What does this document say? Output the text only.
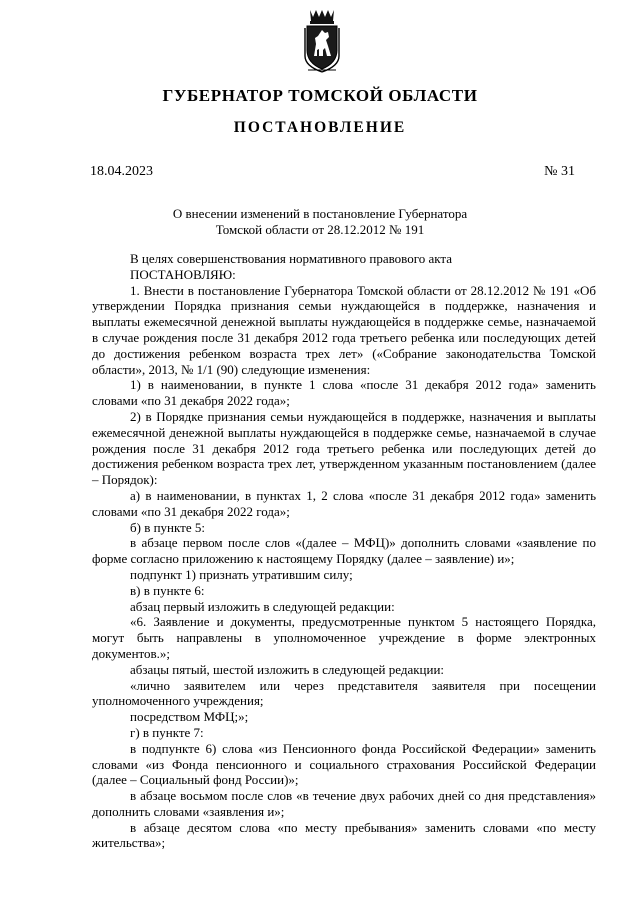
ГУБЕРНАТОР ТОМСКОЙ ОБЛАСТИ
ПОСТАНОВЛЕНИЕ
18.04.2023	№ 31
О внесении изменений в постановление Губернатора
Томской области от 28.12.2012 № 191

В целях совершенствования нормативного правового акта

ПОСТАНОВЛЯЮ:

1. Внести в постановление Губернатора Томской области от 28.12.2012 № 191 «Об утверждении Порядка признания семьи нуждающейся в поддержке, назначения и выплаты ежемесячной денежной выплаты нуждающейся в поддержке семье, назначаемой в случае рождения после 31 декабря 2012 года третьего ребенка или последующих детей до достижения ребенком возраста трех лет» («Собрание законодательства Томской области», 2013, № 1/1 (90) следующие изменения:

1) в наименовании, в пункте 1 слова «после 31 декабря 2012 года» заменить словами «по 31 декабря 2022 года»;

2) в Порядке признания семьи нуждающейся в поддержке, назначения и выплаты ежемесячной денежной выплаты нуждающейся в поддержке семье, назначаемой в случае рождения после 31 декабря 2012 года третьего ребенка или последующих детей до достижения ребенком возраста трех лет, утвержденном указанным постановлением (далее – Порядок):

а) в наименовании, в пунктах 1, 2 слова «после 31 декабря 2012 года» заменить словами «по 31 декабря 2022 года»;

б) в пункте 5:

в абзаце первом после слов «(далее – МФЦ)» дополнить словами «заявление по форме согласно приложению к настоящему Порядку (далее – заявление) и»;

подпункт 1) признать утратившим силу;

в) в пункте 6:

абзац первый изложить в следующей редакции:

«6. Заявление и документы, предусмотренные пунктом 5 настоящего Порядка, могут быть направлены в уполномоченное учреждение в форме электронных документов.»;

абзацы пятый, шестой изложить в следующей редакции:

«лично заявителем или через представителя заявителя при посещении уполномоченного учреждения;

посредством МФЦ;»;

г) в пункте 7:

в подпункте 6) слова «из Пенсионного фонда Российской Федерации» заменить словами «из Фонда пенсионного и социального страхования Российской Федерации (далее – Социальный фонд России)»;

в абзаце восьмом после слов «в течение двух рабочих дней со дня представления» дополнить словами «заявления и»;

в абзаце десятом слова «по месту пребывания» заменить словами «по месту жительства»;
